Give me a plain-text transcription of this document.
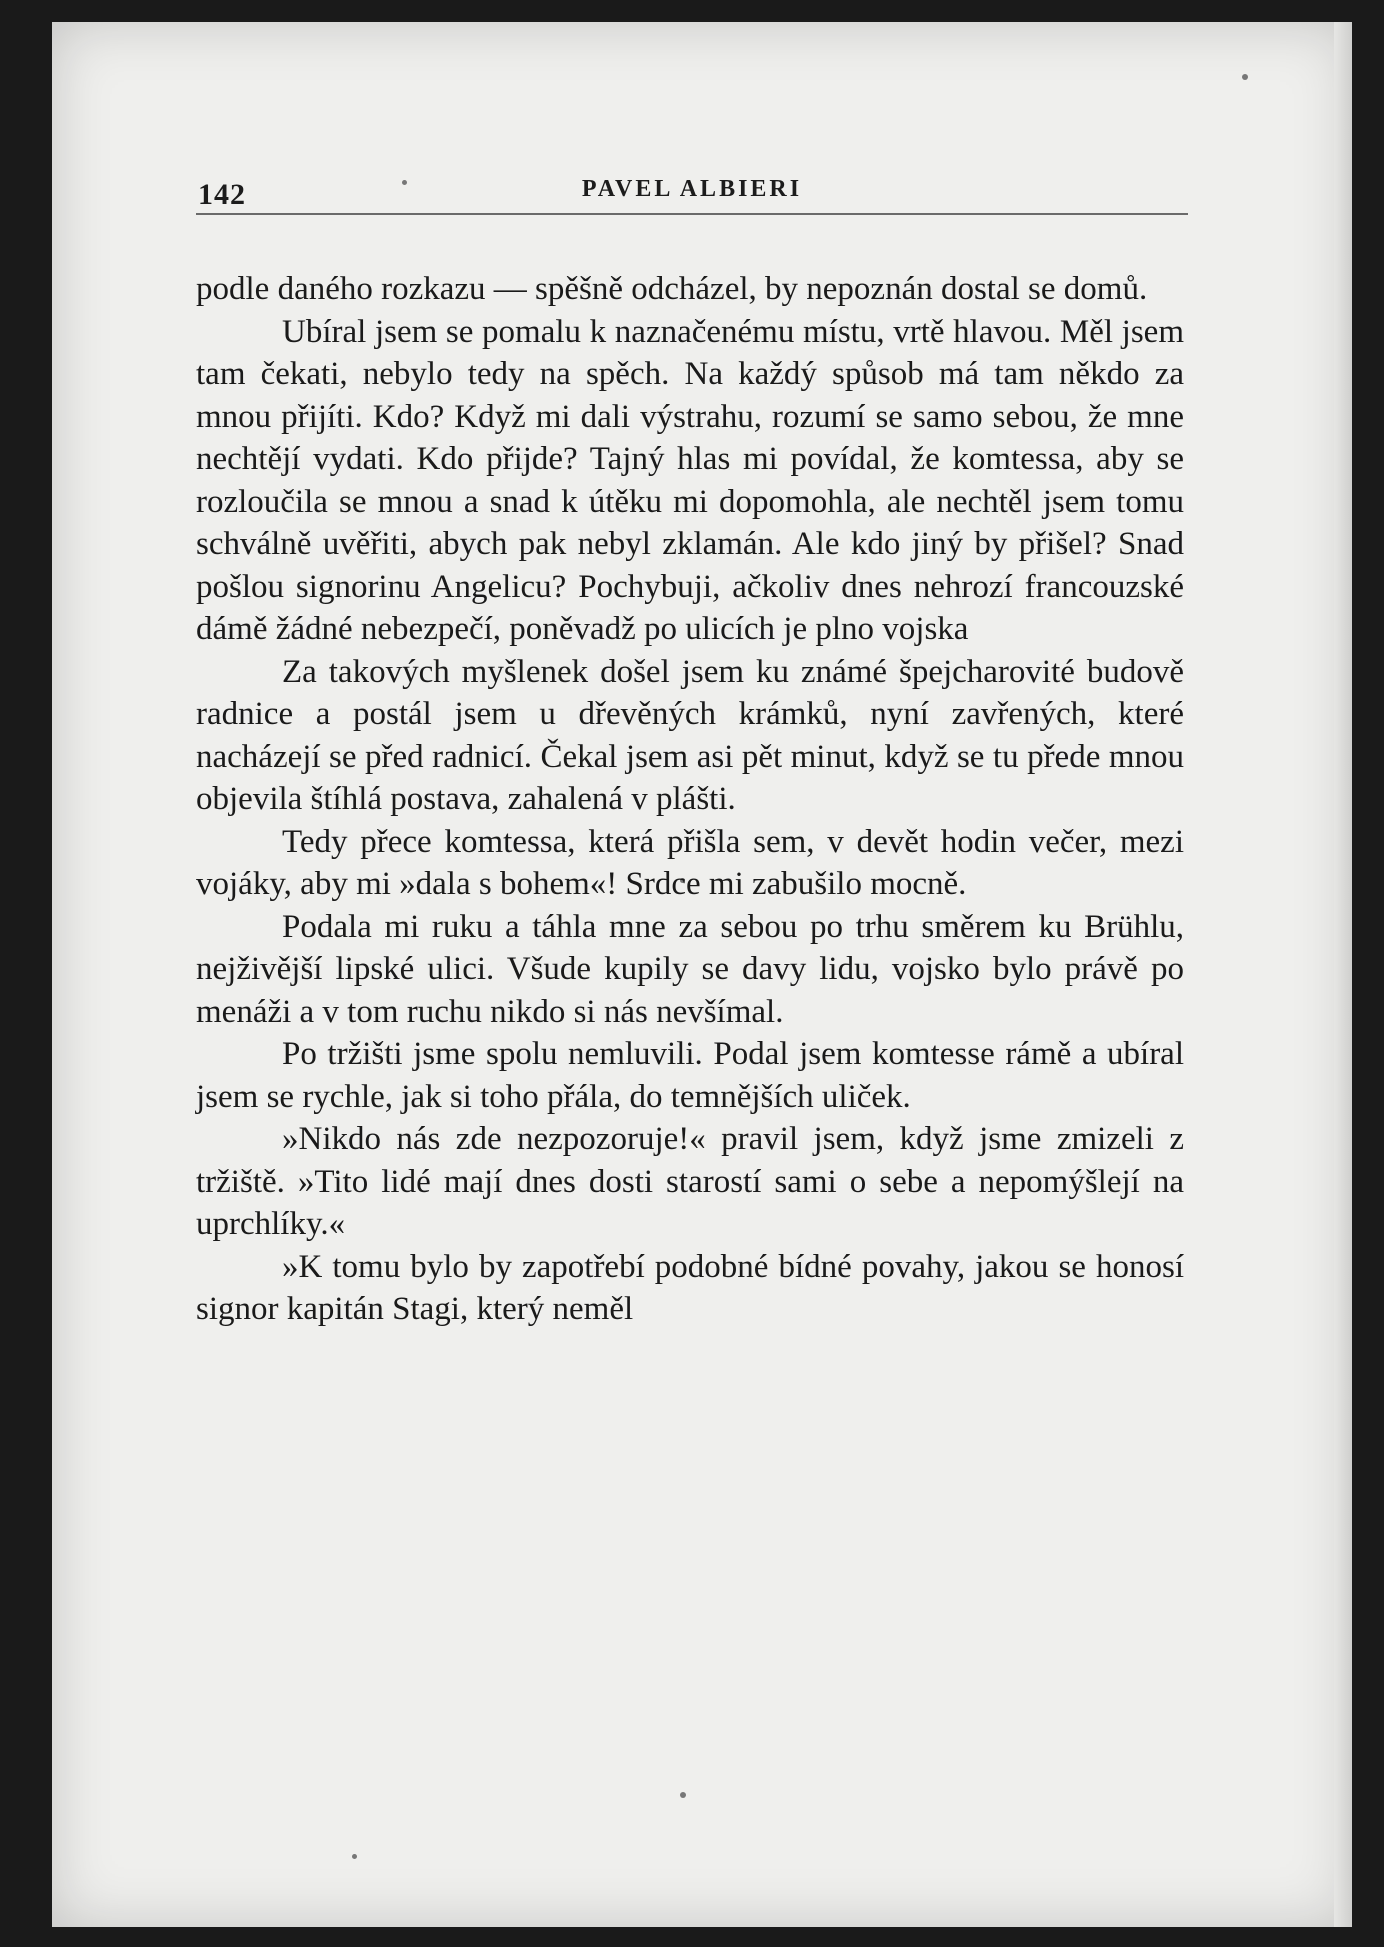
142	PAVEL ALBIERI

podle daného rozkazu — spěšně odcházel, by nepoznán dostal se domů.

Ubíral jsem se pomalu k naznačenému místu, vrtě hlavou. Měl jsem tam čekati, nebylo tedy na spěch. Na každý spůsob má tam někdo za mnou přijíti. Kdo? Když mi dali výstrahu, rozumí se samo sebou, že mne nechtějí vydati. Kdo přijde? Tajný hlas mi povídal, že komtessa, aby se rozloučila se mnou a snad k útěku mi dopomohla, ale nechtěl jsem tomu schválně uvěřiti, abych pak nebyl zklamán. Ale kdo jiný by přišel? Snad pošlou signorinu Angelicu? Pochybuji, ačkoliv dnes nehrozí francouzské dámě žádné nebezpečí, poněvadž po ulicích je plno vojska

Za takových myšlenek došel jsem ku známé špejcharovité budově radnice a postál jsem u dřevěných krámků, nyní zavřených, které nacházejí se před radnicí. Čekal jsem asi pět minut, když se tu přede mnou objevila štíhlá postava, zahalená v plášti.

Tedy přece komtessa, která přišla sem, v devět hodin večer, mezi vojáky, aby mi »dala s bohem«! Srdce mi zabušilo mocně.

Podala mi ruku a táhla mne za sebou po trhu směrem ku Brühlu, nejživější lipské ulici. Všude kupily se davy lidu, vojsko bylo právě po menáži a v tom ruchu nikdo si nás nevšímal.

Po tržišti jsme spolu nemluvili. Podal jsem komtesse rámě a ubíral jsem se rychle, jak si toho přála, do temnějších uliček.

»Nikdo nás zde nezpozoruje!« pravil jsem, když jsme zmizeli z tržiště. »Tito lidé mají dnes dosti starostí sami o sebe a nepomýšlejí na uprchlíky.«

»K tomu bylo by zapotřebí podobné bídné povahy, jakou se honosí signor kapitán Stagi, který neměl
